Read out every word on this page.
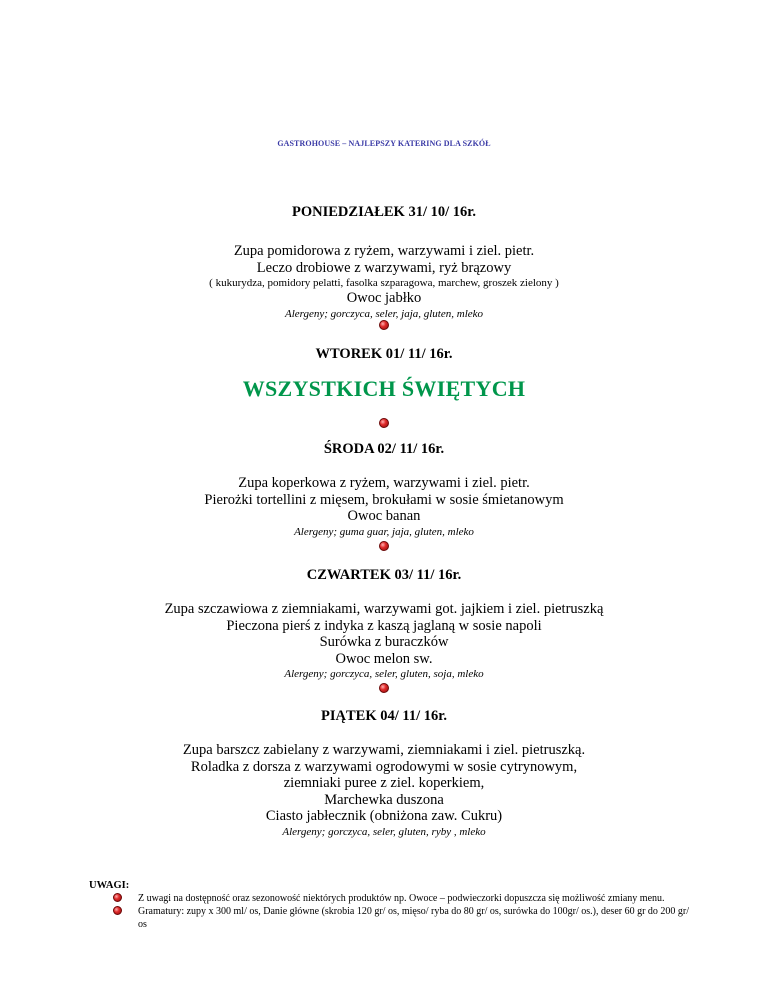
GASTROHOUSE – NAJLEPSZY KATERING DLA SZKÓŁ
PONIEDZIAŁEK 31/ 10/ 16r.
Zupa pomidorowa z ryżem, warzywami i ziel. pietr.
Leczo drobiowe z warzywami, ryż brązowy
( kukurydza, pomidory pelatti, fasolka szparagowa, marchew, groszek zielony )
Owoc jabłko
Alergeny; gorczyca, seler, jaja, gluten, mleko
WTOREK 01/ 11/ 16r.
WSZYSTKICH ŚWIĘTYCH
ŚRODA 02/ 11/ 16r.
Zupa koperkowa z ryżem, warzywami i ziel. pietr.
Pierożki tortellini z mięsem, brokułami w sosie śmietanowym
Owoc banan
Alergeny; guma guar, jaja, gluten, mleko
CZWARTEK 03/ 11/ 16r.
Zupa szczawiowa z ziemniakami, warzywami got. jajkiem i ziel. pietruszką
Pieczona pierś z indyka z kaszą jaglaną w sosie napoli
Surówka z buraczków
Owoc melon sw.
Alergeny; gorczyca, seler, gluten, soja, mleko
PIĄTEK 04/ 11/ 16r.
Zupa barszcz zabielany z warzywami, ziemniakami i ziel. pietruszką.
Roladka z dorsza z warzywami ogrodowymi w sosie cytrynowym,
ziemniaki puree z ziel. koperkiem,
Marchewka duszona
Ciasto jabłecznik (obniżona zaw. Cukru)
Alergeny; gorczyca, seler, gluten, ryby , mleko
UWAGI:
Z uwagi na dostępność oraz sezonowość niektórych produktów np. Owoce – podwieczorki dopuszcza się możliwość zmiany menu.
Gramatury: zupy x 300 ml/ os, Danie główne (skrobia 120 gr/ os, mięso/ ryba do 80 gr/ os, surówka do 100gr/ os.), deser 60 gr do 200 gr/ os
